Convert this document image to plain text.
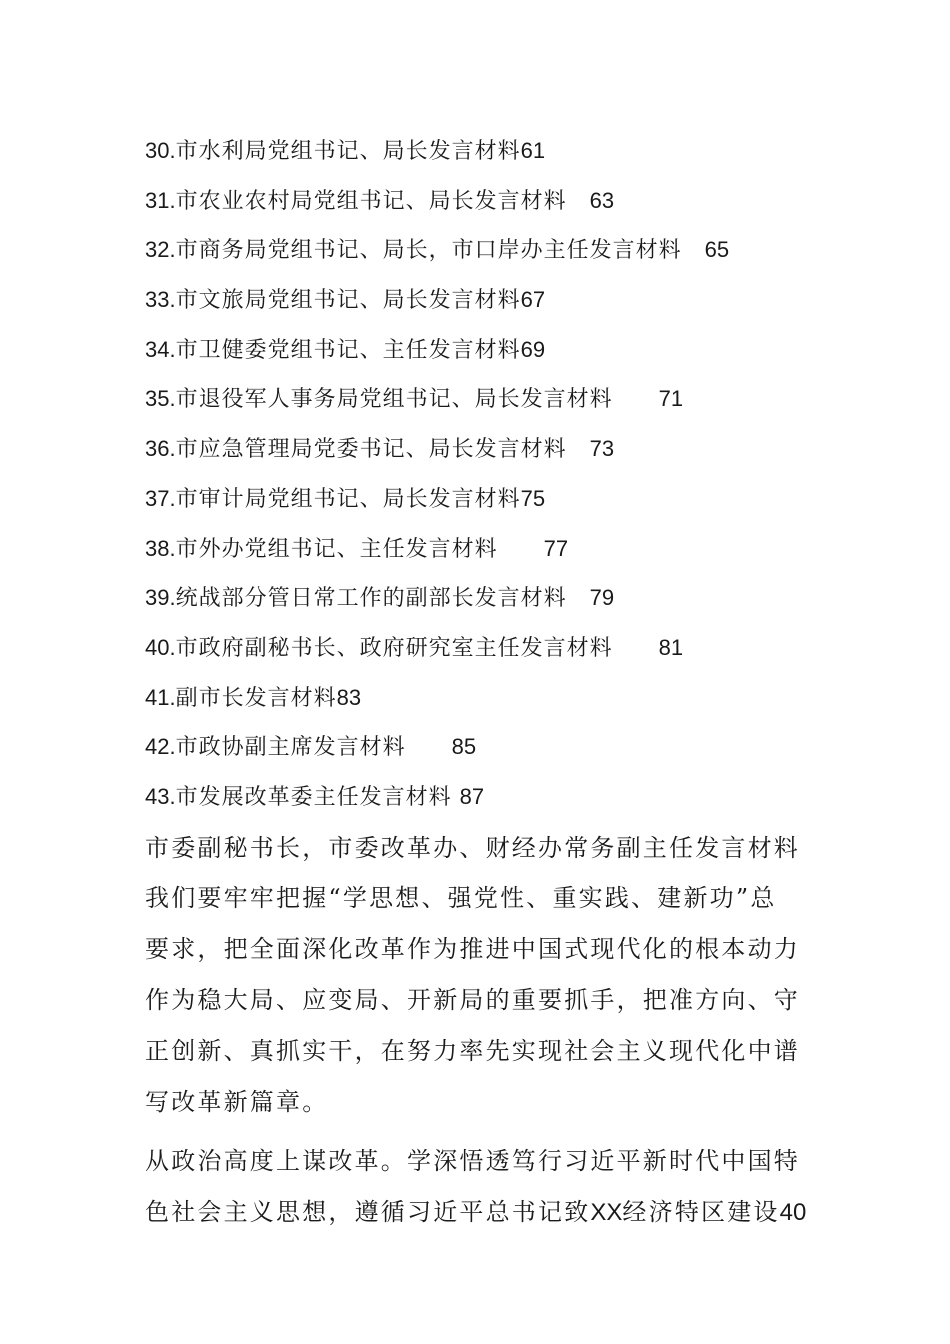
30.市水利局党组书记、局长发言材料61
31.市农业农村局党组书记、局长发言材料  63
32.市商务局党组书记、局长，市口岸办主任发言材料  65
33.市文旅局党组书记、局长发言材料67
34.市卫健委党组书记、主任发言材料69
35.市退役军人事务局党组书记、局长发言材料   71
36.市应急管理局党委书记、局长发言材料  73
37.市审计局党组书记、局长发言材料75
38.市外办党组书记、主任发言材料   77
39.统战部分管日常工作的副部长发言材料  79
40.市政府副秘书长、政府研究室主任发言材料   81
41.副市长发言材料83
42.市政协副主席发言材料   85
43.市发展改革委主任发言材料 87
市委副秘书长，市委改革办、财经办常务副主任发言材料
我们要牢牢把握“学思想、强党性、重实践、建新功”总
要求，把全面深化改革作为推进中国式现代化的根本动力
作为稳大局、应变局、开新局的重要抓手，把准方向、守
正创新、真抓实干，在努力率先实现社会主义现代化中谱
写改革新篇章。
从政治高度上谋改革。学深悟透笃行习近平新时代中国特
色社会主义思想，遵循习近平总书记致XX经济特区建设40
